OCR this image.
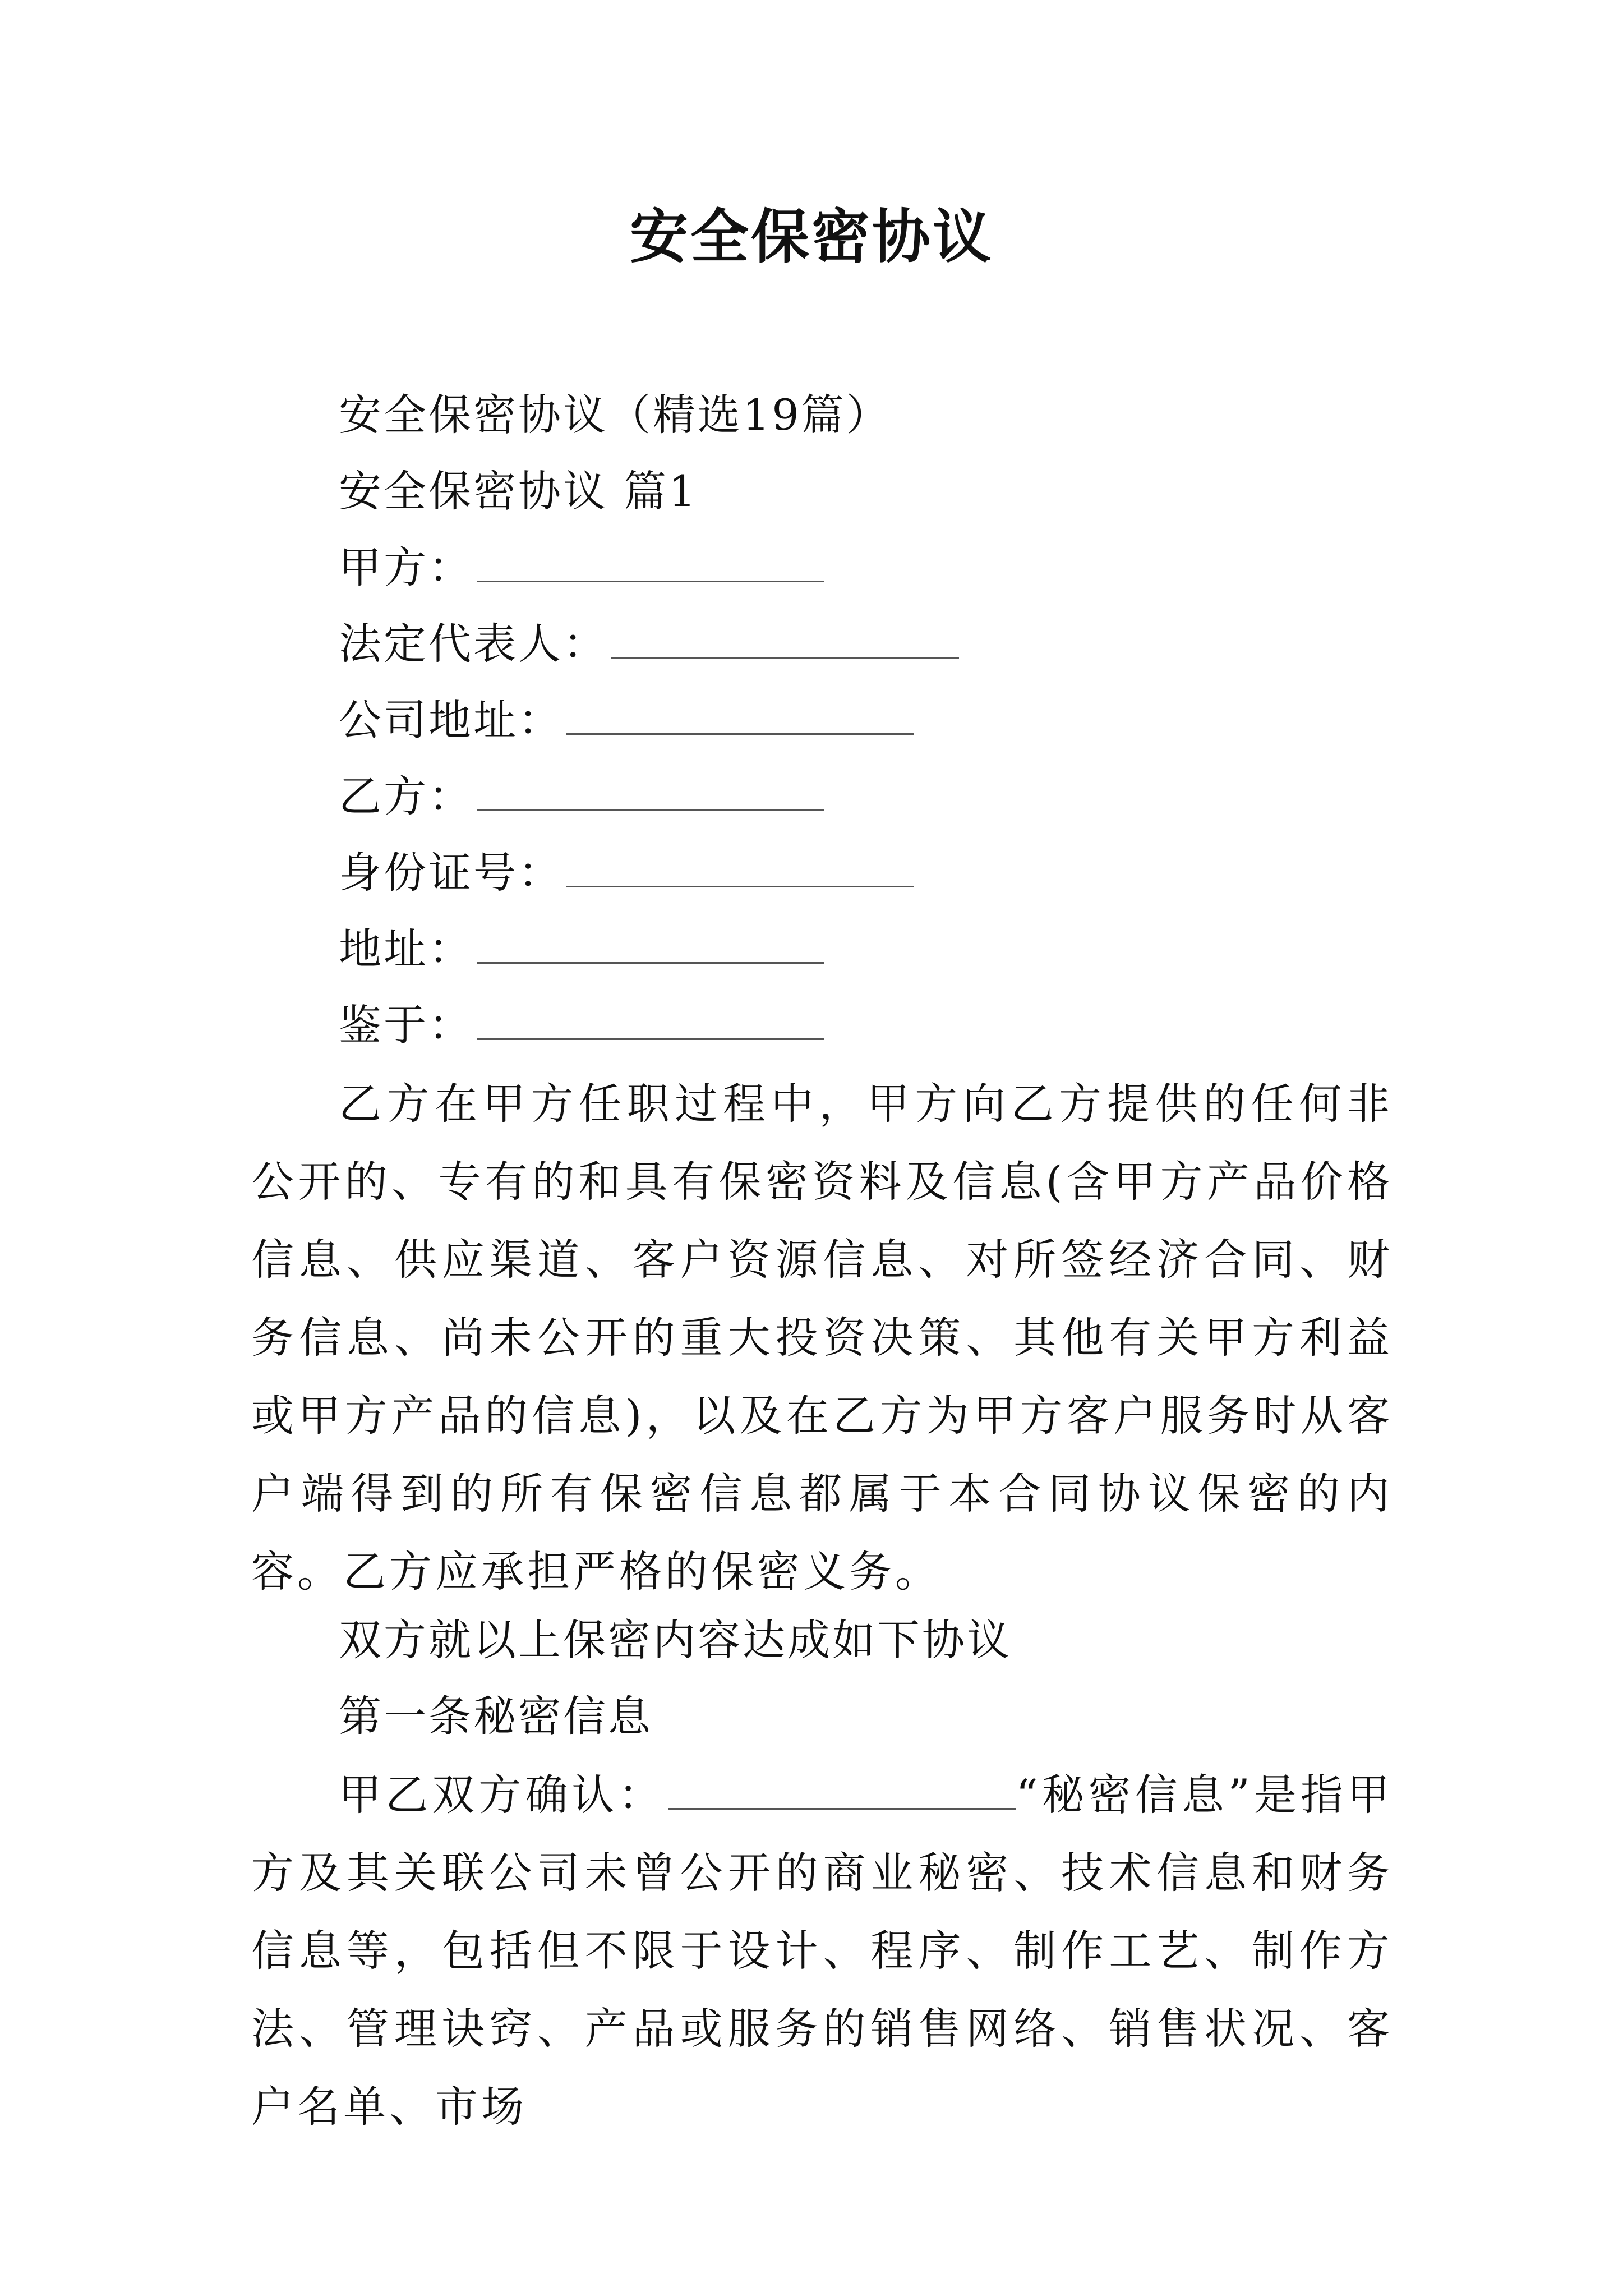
安全保密协议
安全保密协议（精选19篇）
安全保密协议 篇1
甲方：
法定代表人：
公司地址：
乙方：
身份证号：
地址：
鉴于：
乙方在甲方任职过程中，甲方向乙方提供的任何非公开的、专有的和具有保密资料及信息(含甲方产品价格信息、供应渠道、客户资源信息、对所签经济合同、财务信息、尚未公开的重大投资决策、其他有关甲方利益或甲方产品的信息)，以及在乙方为甲方客户服务时从客户端得到的所有保密信息都属于本合同协议保密的内容。乙方应承担严格的保密义务。
双方就以上保密内容达成如下协议
第一条秘密信息
甲乙双方确认：	“秘密信息”是指甲方及其关联公司未曾公开的商业秘密、技术信息和财务信息等，包括但不限于设计、程序、制作工艺、制作方法、管理诀窍、产品或服务的销售网络、销售状况、客户名单、市场
